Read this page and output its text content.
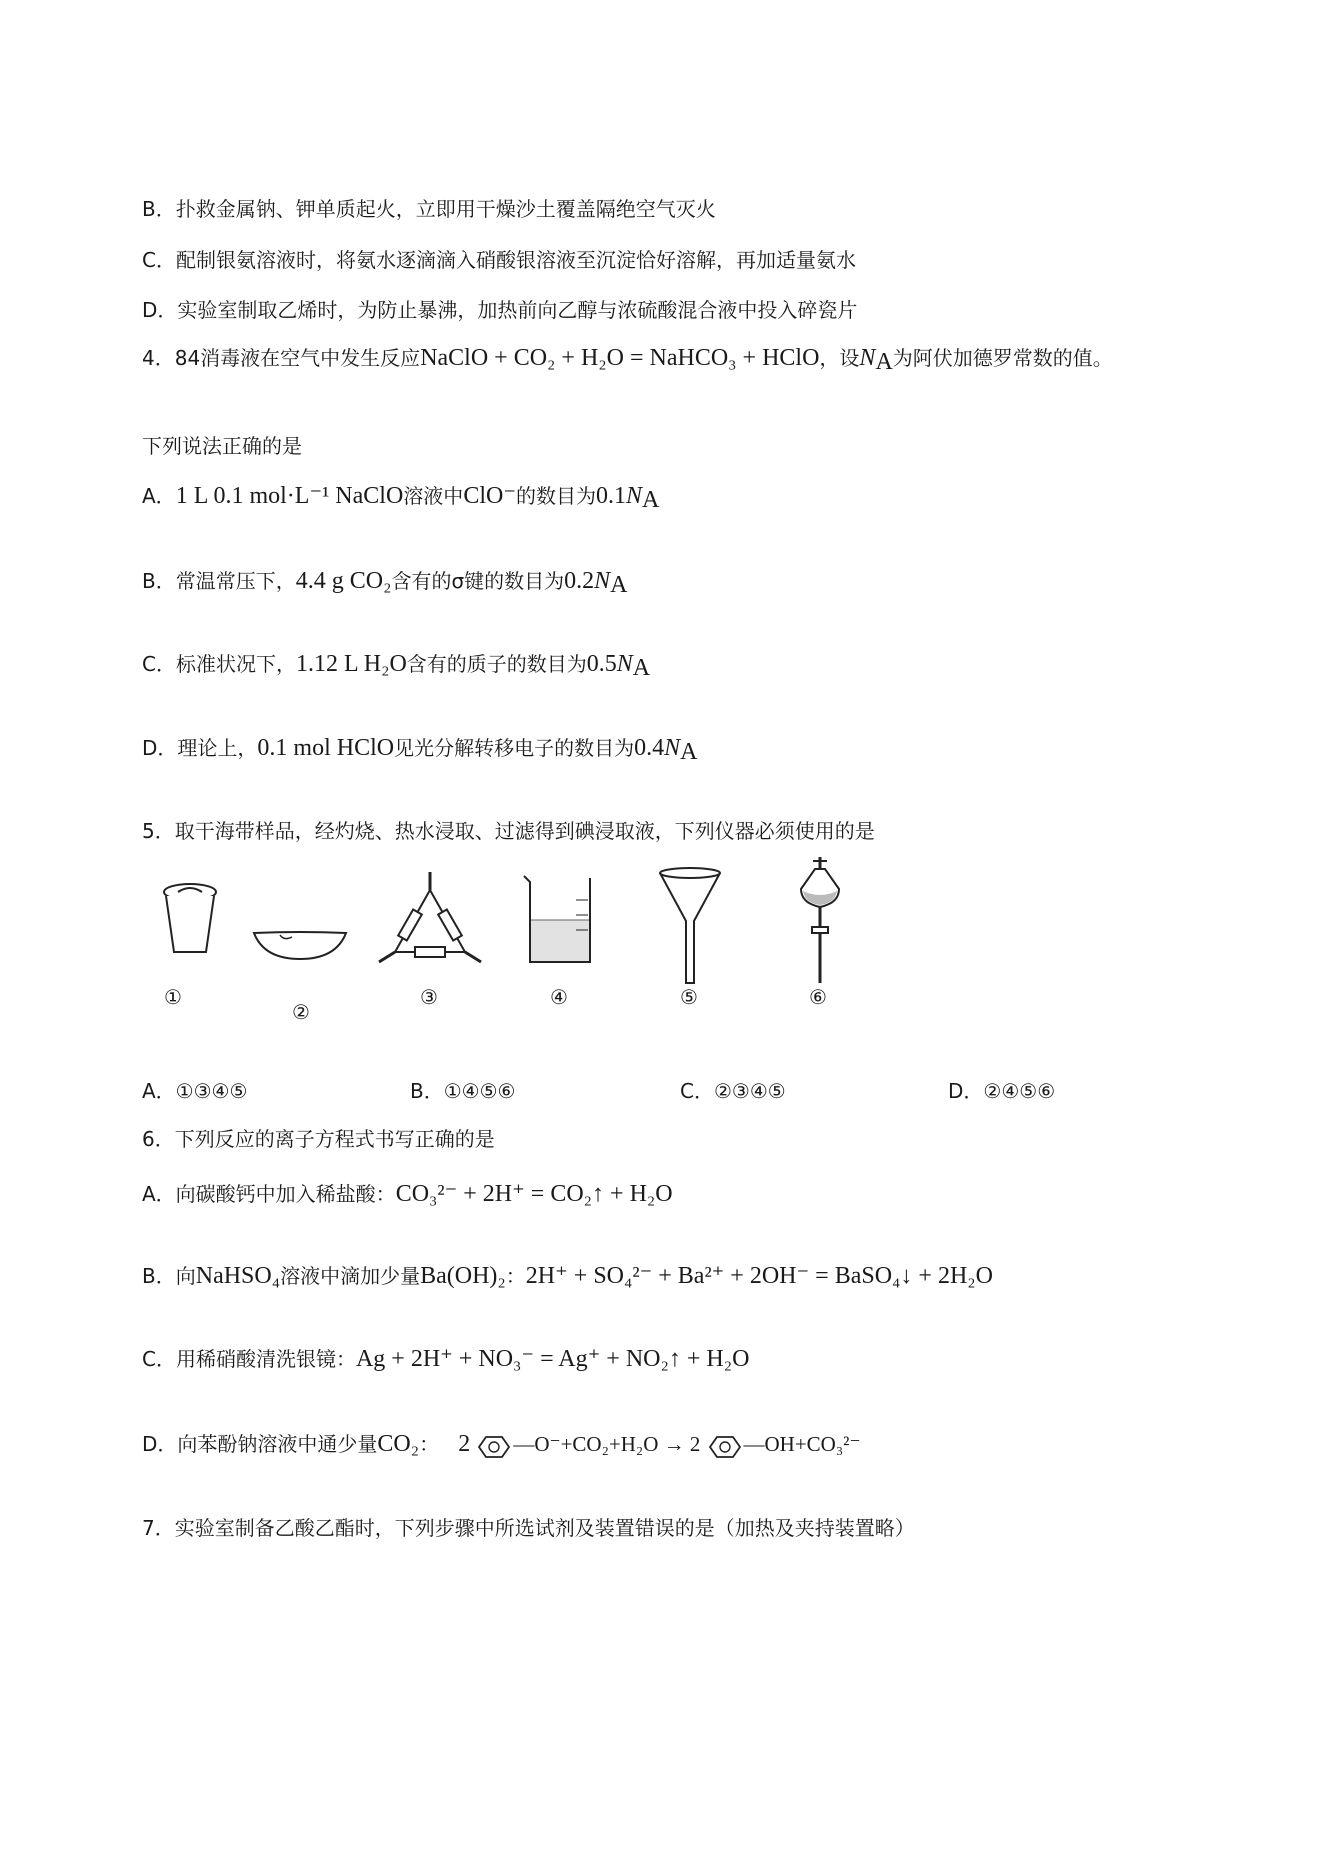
B．扑救金属钠、钾单质起火，立即用干燥沙土覆盖隔绝空气灭火
C．配制银氨溶液时，将氨水逐滴滴入硝酸银溶液至沉淀恰好溶解，再加适量氨水
D．实验室制取乙烯时，为防止暴沸，加热前向乙醇与浓硫酸混合液中投入碎瓷片
4．84消毒液在空气中发生反应NaClO + CO₂ + H₂O = NaHCO₃ + HClO，设$N_A$为阿伏加德罗常数的值。
下列说法正确的是
A．1 L 0.1 mol·L⁻¹ NaClO溶液中ClO⁻的数目为$0.1N_A$
B．常温常压下，4.4 g CO₂含有的σ键的数目为$0.2N_A$
C．标准状况下，1.12 L H₂O含有的质子的数目为$0.5N_A$
D．理论上，0.1 mol HClO见光分解转移电子的数目为$0.4N_A$
5．取干海带样品，经灼烧、热水浸取、过滤得到碘浸取液，下列仪器必须使用的是
①
②
③	④	⑤	⑥
A．①③④⑤	B．①④⑤⑥	C．②③④⑤	D．②④⑤⑥
6．下列反应的离子方程式书写正确的是
A．向碳酸钙中加入稀盐酸：CO₃²⁻ + 2H⁺ = CO₂↑ + H₂O
B．向NaHSO₄溶液中滴加少量Ba(OH)₂：2H⁺ + SO₄²⁻ + Ba²⁺ + 2OH⁻ = BaSO₄↓ + 2H₂O
C．用稀硝酸清洗银镜：Ag + 2H⁺ + NO₃⁻ = Ag⁺ + NO₂↑ + H₂O
D．向苯酚钠溶液中通少量CO₂： 2 —O⁻+CO₂+H₂O → 2 —OH+CO₃²⁻
7．实验室制备乙酸乙酯时，下列步骤中所选试剂及装置错误的是（加热及夹持装置略）
